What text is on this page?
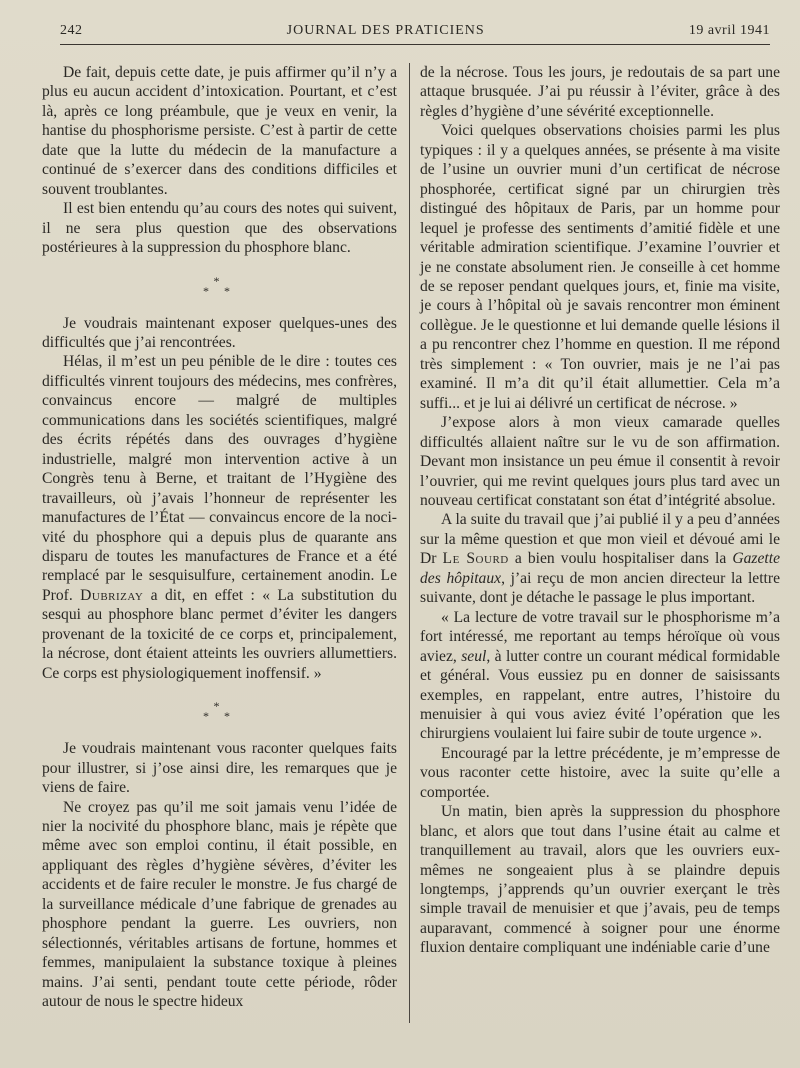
242	JOURNAL DES PRATICIENS	19 avril 1941

De fait, depuis cette date, je puis affirmer qu’il n’y a plus eu aucun accident d’intoxication. Pourtant, et c’est là, après ce long préambule, que je veux en venir, la hantise du phosphorisme persiste. C’est à partir de cette date que la lutte du médecin de la manufacture a continué de s’exercer dans des conditions difficiles et souvent troublantes.

Il est bien entendu qu’au cours des notes qui suivent, il ne sera plus question que des observations postérieures à la suppression du phosphore blanc.

*
* *

Je voudrais maintenant exposer quelques-unes des difficultés que j’ai rencontrées.

Hélas, il m’est un peu pénible de le dire : toutes ces difficultés vinrent toujours des médecins, mes confrères, convaincus encore — malgré de multiples communications dans les sociétés scientifiques, malgré des écrits répétés dans des ouvrages d’hygiène industrielle, malgré mon intervention active à un Congrès tenu à Berne, et traitant de l’Hygiène des travailleurs, où j’avais l’honneur de représenter les manufactures de l’État — convaincus encore de la nocivité du phosphore qui a depuis plus de quarante ans disparu de toutes les manufactures de France et a été remplacé par le sesquisulfure, certainement anodin. Le Prof. Dubrizay a dit, en effet : « La substitution du sesqui au phosphore blanc permet d’éviter les dangers provenant de la toxicité de ce corps et, principalement, la nécrose, dont étaient atteints les ouvriers allumettiers. Ce corps est physiologiquement inoffensif. »

*
* *

Je voudrais maintenant vous raconter quelques faits pour illustrer, si j’ose ainsi dire, les remarques que je viens de faire.

Ne croyez pas qu’il me soit jamais venu l’idée de nier la nocivité du phosphore blanc, mais je répète que même avec son emploi continu, il était possible, en appliquant des règles d’hygiène sévères, d’éviter les accidents et de faire reculer le monstre. Je fus chargé de la surveillance médicale d’une fabrique de grenades au phosphore pendant la guerre. Les ouvriers, non sélectionnés, véritables artisans de fortune, hommes et femmes, manipulaient la substance toxique à pleines mains. J’ai senti, pendant toute cette période, rôder autour de nous le spectre hideux

de la nécrose. Tous les jours, je redoutais de sa part une attaque brusquée. J’ai pu réussir à l’éviter, grâce à des règles d’hygiène d’une sévérité exceptionnelle.

Voici quelques observations choisies parmi les plus typiques : il y a quelques années, se présente à ma visite de l’usine un ouvrier muni d’un certificat de nécrose phosphorée, certificat signé par un chirurgien très distingué des hôpitaux de Paris, par un homme pour lequel je professe des sentiments d’amitié fidèle et une véritable admiration scientifique. J’examine l’ouvrier et je ne constate absolument rien. Je conseille à cet homme de se reposer pendant quelques jours, et, finie ma visite, je cours à l’hôpital où je savais rencontrer mon éminent collègue. Je le questionne et lui demande quelle lésions il a pu rencontrer chez l’homme en question. Il me répond très simplement : « Ton ouvrier, mais je ne l’ai pas examiné. Il m’a dit qu’il était allumettier. Cela m’a suffi... et je lui ai délivré un certificat de nécrose. »

J’expose alors à mon vieux camarade quelles difficultés allaient naître sur le vu de son affirmation. Devant mon insistance un peu émue il consentit à revoir l’ouvrier, qui me revint quelques jours plus tard avec un nouveau certificat constatant son état d’intégrité absolue.

A la suite du travail que j’ai publié il y a peu d’années sur la même question et que mon vieil et dévoué ami le Dr Le Sourd a bien voulu hospitaliser dans la Gazette des hôpitaux, j’ai reçu de mon ancien directeur la lettre suivante, dont je détache le passage le plus important.

« La lecture de votre travail sur le phosphorisme m’a fort intéressé, me reportant au temps héroïque où vous aviez, seul, à lutter contre un courant médical formidable et général. Vous eussiez pu en donner de saisissants exemples, en rappelant, entre autres, l’histoire du menuisier à qui vous aviez évité l’opération que les chirurgiens voulaient lui faire subir de toute urgence ».

Encouragé par la lettre précédente, je m’empresse de vous raconter cette histoire, avec la suite qu’elle a comportée.

Un matin, bien après la suppression du phosphore blanc, et alors que tout dans l’usine était au calme et tranquillement au travail, alors que les ouvriers eux-mêmes ne songeaient plus à se plaindre depuis longtemps, j’apprends qu’un ouvrier exerçant le très simple travail de menuisier et que j’avais, peu de temps auparavant, commencé à soigner pour une énorme fluxion dentaire compliquant une indéniable carie d’une
